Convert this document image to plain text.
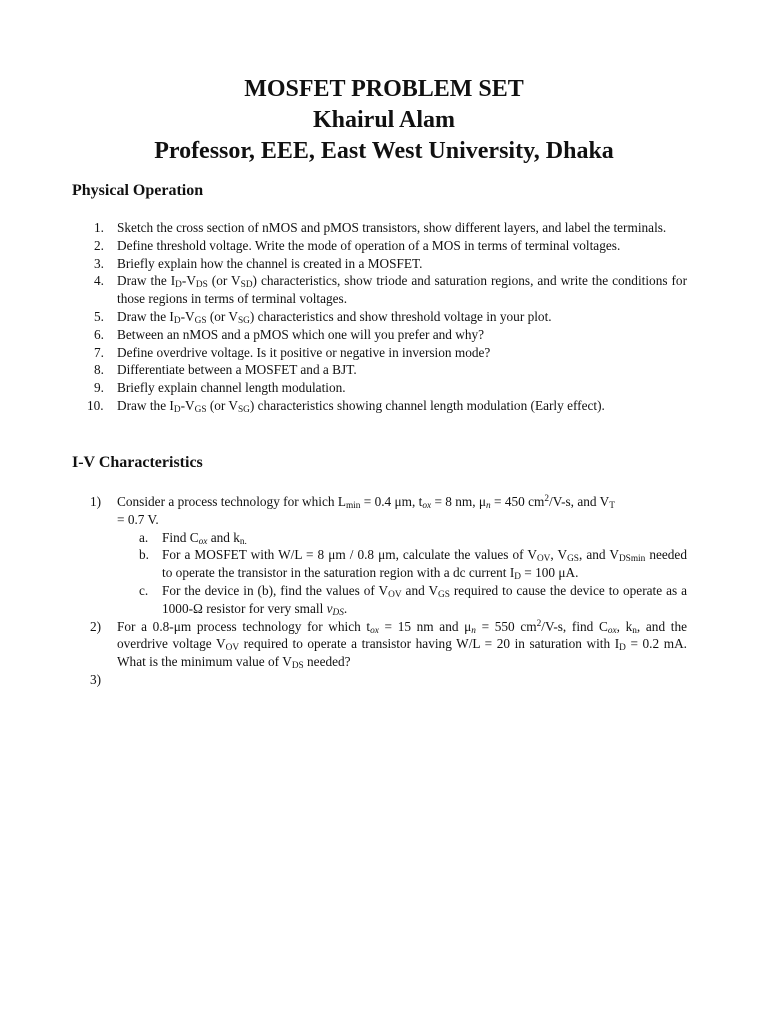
MOSFET PROBLEM SET
Khairul Alam
Professor, EEE, East West University, Dhaka
Physical Operation
1. Sketch the cross section of nMOS and pMOS transistors, show different layers, and label the terminals.
2. Define threshold voltage. Write the mode of operation of a MOS in terms of terminal voltages.
3. Briefly explain how the channel is created in a MOSFET.
4. Draw the $I_D-V_{DS}$ (or $V_{SD}$) characteristics, show triode and saturation regions, and write the conditions for those regions in terms of terminal voltages.
5. Draw the $I_D-V_{GS}$ (or $V_{SG}$) characteristics and show threshold voltage in your plot.
6. Between an nMOS and a pMOS which one will you prefer and why?
7. Define overdrive voltage. Is it positive or negative in inversion mode?
8. Differentiate between a MOSFET and a BJT.
9. Briefly explain channel length modulation.
10. Draw the $I_D-V_{GS}$ (or $V_{SG}$) characteristics showing channel length modulation (Early effect).
I-V Characteristics
1) Consider a process technology for which $L_{min} = 0.4$ μm, $t_{ox} = 8$ nm, $\mu_n = 450$ $cm^2/V-s$, and $V_T$
= 0.7 V.
a. Find $C_{ox}$ and $k_{n.}$
b. For a MOSFET with W/L = 8 μm / 0.8 μm, calculate the values of $V_{OV}$, $V_{GS}$, and $V_{DSmin}$ needed to operate the transistor in the saturation region with a dc current $I_D = 100$ μA.
c. For the device in (b), find the values of $V_{OV}$ and $V_{GS}$ required to cause the device to operate as a 1000-Ω resistor for very small $v_{DS}$.
2) For a 0.8-μm process technology for which $t_{ox} = 15$ nm and $\mu_n = 550$ $cm^2/V-s$, find $C_{ox}$, $k_n$, and the overdrive voltage $V_{OV}$ required to operate a transistor having W/L = 20 in saturation with $I_D = 0.2$ mA. What is the minimum value of $V_{DS}$ needed?
3)
